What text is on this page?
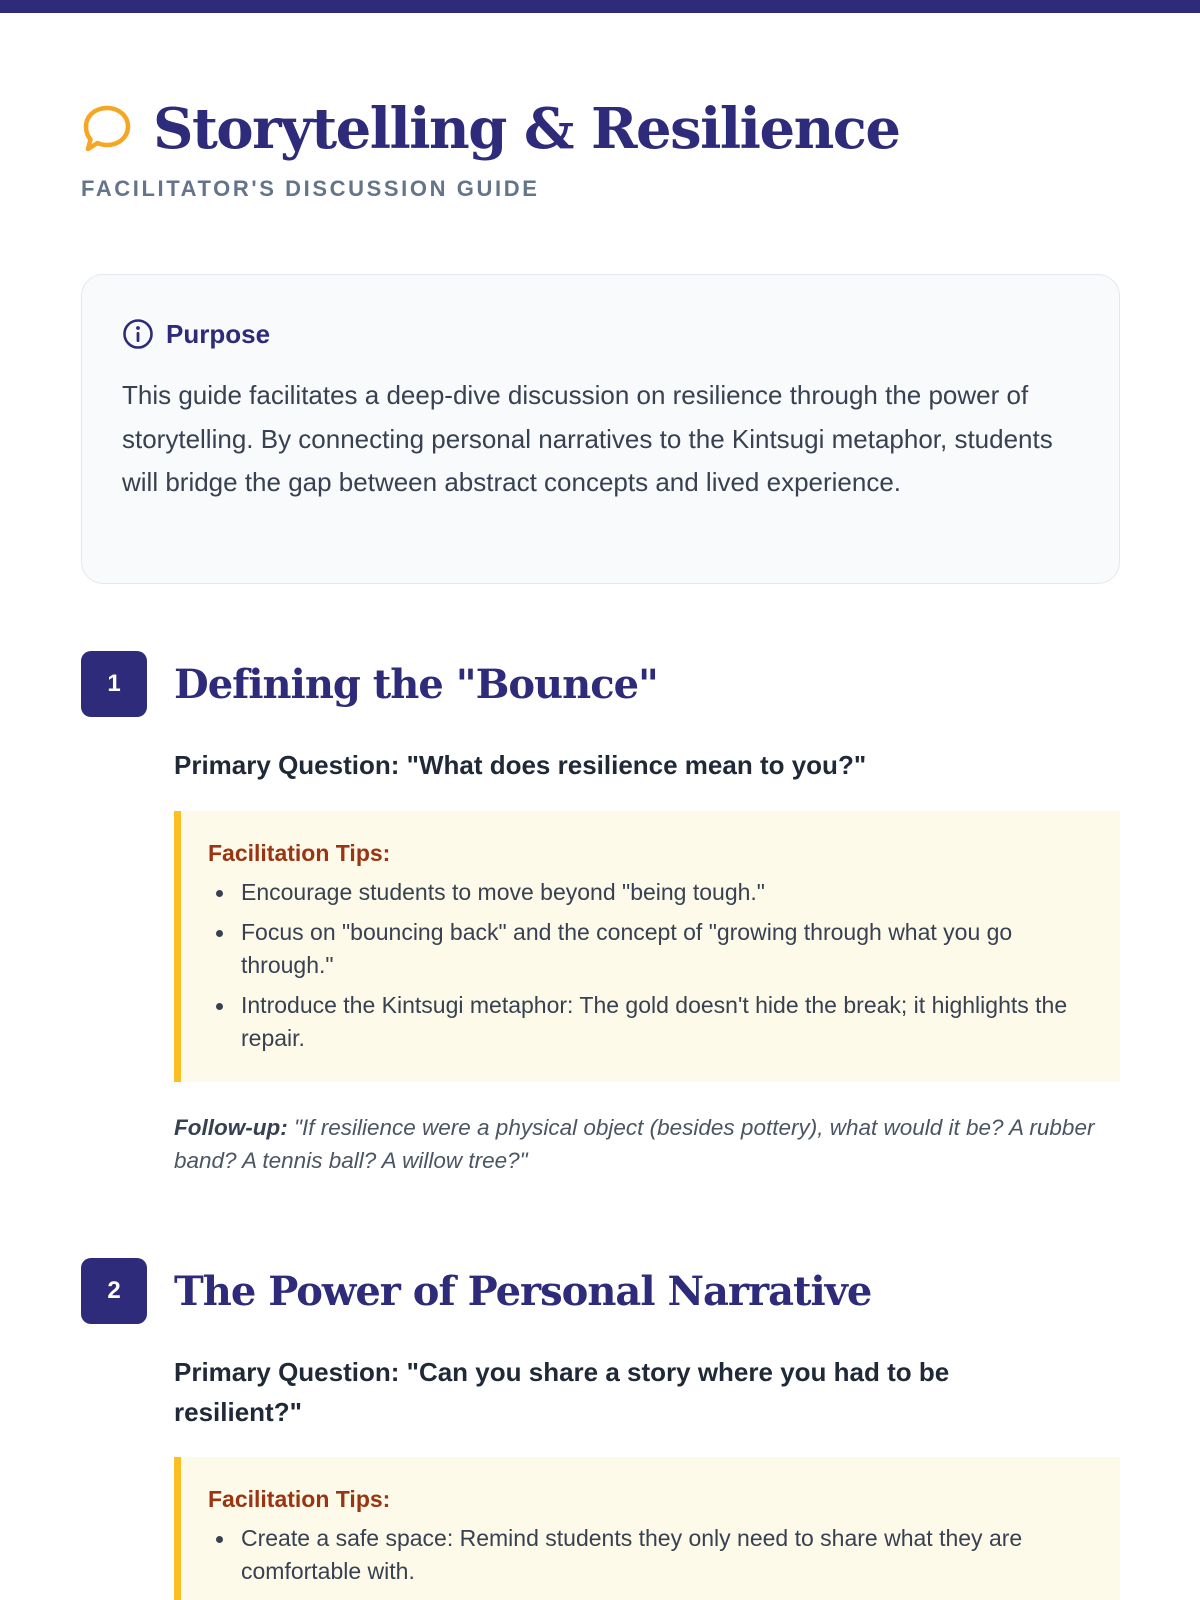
Storytelling & Resilience
FACILITATOR'S DISCUSSION GUIDE
Purpose

This guide facilitates a deep-dive discussion on resilience through the power of storytelling. By connecting personal narratives to the Kintsugi metaphor, students will bridge the gap between abstract concepts and lived experience.

1	Defining the "Bounce"

Primary Question: "What does resilience mean to you?"

Facilitation Tips:
Encourage students to move beyond "being tough."
Focus on "bouncing back" and the concept of "growing through what you go through."
Introduce the Kintsugi metaphor: The gold doesn't hide the break; it highlights the repair.

Follow-up: "If resilience were a physical object (besides pottery), what would it be? A rubber band? A tennis ball? A willow tree?"

2	The Power of Personal Narrative

Primary Question: "Can you share a story where you had to be resilient?"

Facilitation Tips:
Create a safe space: Remind students they only need to share what they are comfortable with.
